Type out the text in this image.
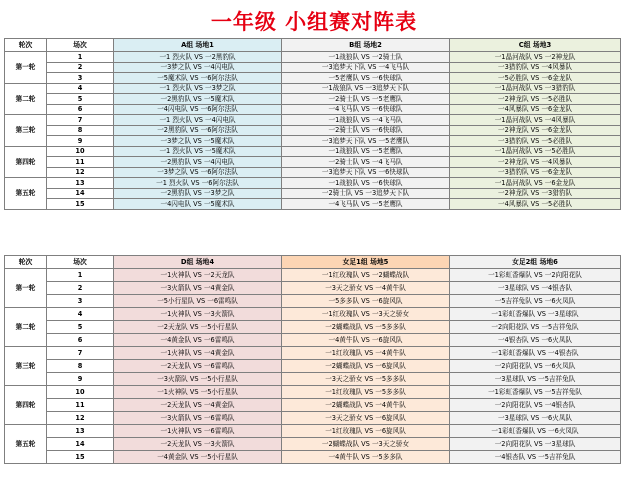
一年级 小组赛对阵表
轮次	场次	A组 场地1	B组 场地2	C组 场地3
第一轮	1	一1 烈火队 VS 一2黑豹队	一1战狼队 VS 一2骑士队	一1晶河战队 VS 一2神龙队
	2	一3梦之队 VS 一4闪电队	一3追梦天下队 VS 一4飞马队	一3猎豹队 VS 一4风暴队
	3	一5魔术队 VS 一6阿尔法队	一5老鹰队 VS 一6快球队	一5必胜队 VS 一6金龙队
第二轮	4	一1 烈火队 VS 一3梦之队	一1战狼队 VS 一3追梦天下队	一1晶河战队 VS 一3猎豹队
	5	一2黑豹队 VS 一5魔术队	一2骑士队 VS 一5老鹰队	一2神龙队 VS 一5必胜队
	6	一4闪电队 VS 一6阿尔法队	一4飞马队 VS 一6快球队	一4风暴队 VS 一6金龙队
第三轮	7	一1 烈火队 VS 一4闪电队	一1战狼队 VS 一4飞马队	一1晶河战队 VS 一4风暴队
	8	一2黑豹队 VS 一6阿尔法队	一2骑士队 VS 一6快球队	一2神龙队 VS 一6金龙队
	9	一3梦之队 VS 一5魔术队	一3追梦天下队 VS 一5老鹰队	一3猎豹队 VS 一5必胜队
第四轮	10	一1 烈火队 VS 一5魔术队	一1战狼队 VS 一5老鹰队	一1晶河战队 VS 一5必胜队
	11	一2黑豹队 VS 一4闪电队	一2骑士队 VS 一4飞马队	一2神龙队 VS 一4风暴队
	12	一3梦之队 VS 一6阿尔法队	一3追梦天下队 VS 一6快球队	一3猎豹队 VS 一6金龙队
第五轮	13	一1 烈火队 VS 一6阿尔法队	一1战狼队 VS 一6快球队	一1晶河战队 VS 一6金龙队
	14	一2黑豹队 VS 一3梦之队	一2骑士队 VS 一3追梦天下队	一2神龙队 VS 一3猎豹队
	15	一4闪电队 VS 一5魔术队	一4飞马队 VS 一5老鹰队	一4风暴队 VS 一5必胜队
轮次	场次	D组 场地4	女足1组 场地5	女足2组 场地6
第一轮	1	一1火神队 VS 一2天龙队	一1红玫瑰队 VS 一2蝴蝶战队	一1彩虹香爆队 VS 一2向阳花队
	2	一3火箭队 VS 一4黄金队	一3天之骄女 VS 一4黄牛队	一3星球队 VS 一4银杏队
	3	一5小行星队 VS 一6雷鸣队	一5多多队 VS 一6旋风队	一5吉祥兔队 VS 一6火凤队
第二轮	4	一1火神队 VS 一3火箭队	一1红玫瑰队 VS 一3天之骄女	一1彩虹香爆队 VS 一3星球队
	5	一2天龙队 VS 一5小行星队	一2蝴蝶战队 VS 一5多多队	一2向阳花队 VS 一5吉祥兔队
	6	一4黄金队 VS 一6雷鸣队	一4黄牛队 VS 一6旋风队	一4银杏队 VS 一6火凤队
第三轮	7	一1火神队 VS 一4黄金队	一1红玫瑰队 VS 一4黄牛队	一1彩虹香爆队 VS 一4银杏队
	8	一2天龙队 VS 一6雷鸣队	一2蝴蝶战队 VS 一6旋风队	一2向阳花队 VS 一6火凤队
	9	一3火箭队 VS 一5小行星队	一3天之骄女 VS 一5多多队	一3星球队 VS 一5吉祥兔队
第四轮	10	一1火神队 VS 一5小行星队	一1红玫瑰队 VS 一5多多队	一1彩虹香爆队 VS 一5吉祥兔队
	11	一2天龙队 VS 一4黄金队	一2蝴蝶战队 VS 一4黄牛队	一2向阳花队 VS 一4银杏队
	12	一3火箭队 VS 一6雷鸣队	一3天之骄女 VS 一6旋风队	一3星球队 VS 一6火凤队
第五轮	13	一1火神队 VS 一6雷鸣队	一1红玫瑰队 VS 一6旋风队	一1彩虹香爆队 VS 一6火凤队
	14	一2天龙队 VS 一3火箭队	一2蝴蝶战队 VS 一3天之骄女	一2向阳花队 VS 一3星球队
	15	一4黄金队 VS 一5小行星队	一4黄牛队 VS 一5多多队	一4银杏队 VS 一5吉祥兔队
